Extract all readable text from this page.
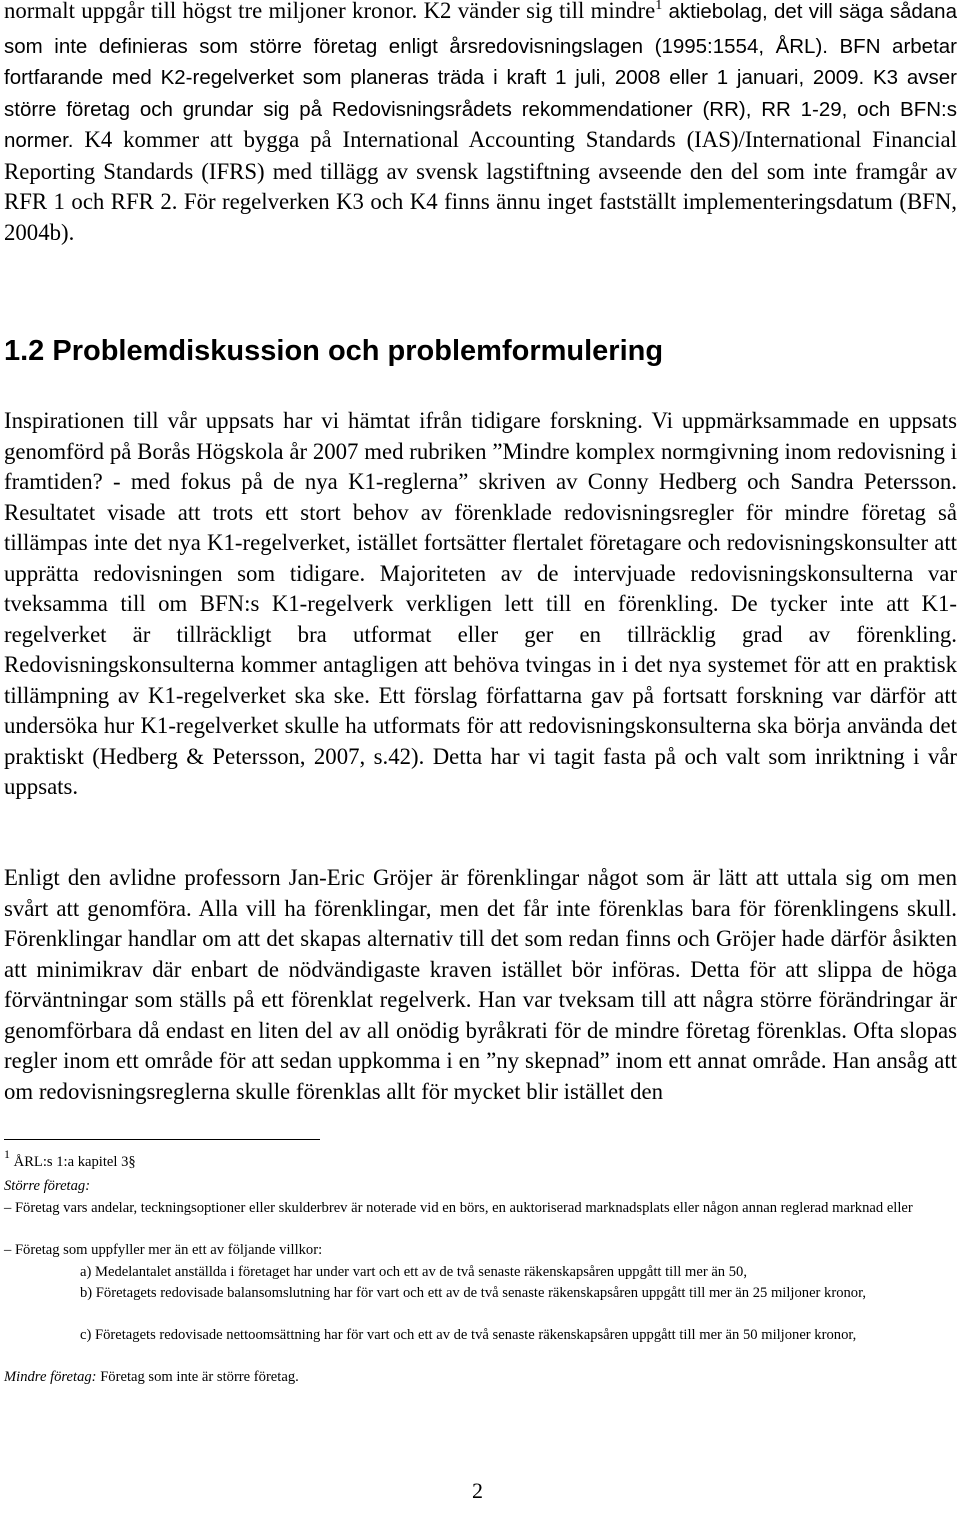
normalt uppgår till högst tre miljoner kronor. K2 vänder sig till mindre$^1$ aktiebolag, det vill säga sådana som inte definieras som större företag enligt årsredovisningslagen (1995:1554, ÅRL). BFN arbetar fortfarande med K2-regelverket som planeras träda i kraft 1 juli, 2008 eller 1 januari, 2009. K3 avser större företag och grundar sig på Redovisningsrådets rekommendationer (RR), RR 1-29, och BFN:s normer. K4 kommer att bygga på International Accounting Standards (IAS)/International Financial Reporting Standards (IFRS) med tillägg av svensk lagstiftning avseende den del som inte framgår av RFR 1 och RFR 2. För regelverken K3 och K4 finns ännu inget fastställt implementeringsdatum (BFN, 2004b).

1.2 Problemdiskussion och problemformulering

Inspirationen till vår uppsats har vi hämtat ifrån tidigare forskning. Vi uppmärksammade en uppsats genomförd på Borås Högskola år 2007 med rubriken ”Mindre komplex normgivning inom redovisning i framtiden? - med fokus på de nya K1-reglerna” skriven av Conny Hedberg och Sandra Petersson. Resultatet visade att trots ett stort behov av förenklade redovisningsregler för mindre företag så tillämpas inte det nya K1-regelverket, istället fortsätter flertalet företagare och redovisningskonsulter att upprätta redovisningen som tidigare. Majoriteten av de intervjuade redovisningskonsulterna var tveksamma till om BFN:s K1-regelverk verkligen lett till en förenkling. De tycker inte att K1-regelverket är tillräckligt bra utformat eller ger en tillräcklig grad av förenkling. Redovisningskonsulterna kommer antagligen att behöva tvingas in i det nya systemet för att en praktisk tillämpning av K1-regelverket ska ske. Ett förslag författarna gav på fortsatt forskning var därför att undersöka hur K1-regelverket skulle ha utformats för att redovisningskonsulterna ska börja använda det praktiskt (Hedberg & Petersson, 2007, s.42). Detta har vi tagit fasta på och valt som inriktning i vår uppsats.

Enligt den avlidne professorn Jan-Eric Gröjer är förenklingar något som är lätt att uttala sig om men svårt att genomföra. Alla vill ha förenklingar, men det får inte förenklas bara för förenklingens skull. Förenklingar handlar om att det skapas alternativ till det som redan finns och Gröjer hade därför åsikten att minimikrav där enbart de nödvändigaste kraven istället bör införas. Detta för att slippa de höga förväntningar som ställs på ett förenklat regelverk. Han var tveksam till att några större förändringar är genomförbara då endast en liten del av all onödig byråkrati för de mindre företag förenklas. Ofta slopas regler inom ett område för att sedan uppkomma i en ”ny skepnad” inom ett annat område. Han ansåg att om redovisningsreglerna skulle förenklas allt för mycket blir istället den

$^1$ ÅRL:s 1:a kapitel 3§
Större företag:
– Företag vars andelar, teckningsoptioner eller skulderbrev är noterade vid en börs, en auktoriserad marknadsplats eller någon annan reglerad marknad eller
– Företag som uppfyller mer än ett av följande villkor:
a) Medelantalet anställda i företaget har under vart och ett av de två senaste räkenskapsåren uppgått till mer än 50,
b) Företagets redovisade balansomslutning har för vart och ett av de två senaste räkenskapsåren uppgått till mer än 25 miljoner kronor,
c) Företagets redovisade nettoomsättning har för vart och ett av de två senaste räkenskapsåren uppgått till mer än 50 miljoner kronor,
Mindre företag: Företag som inte är större företag.
2
